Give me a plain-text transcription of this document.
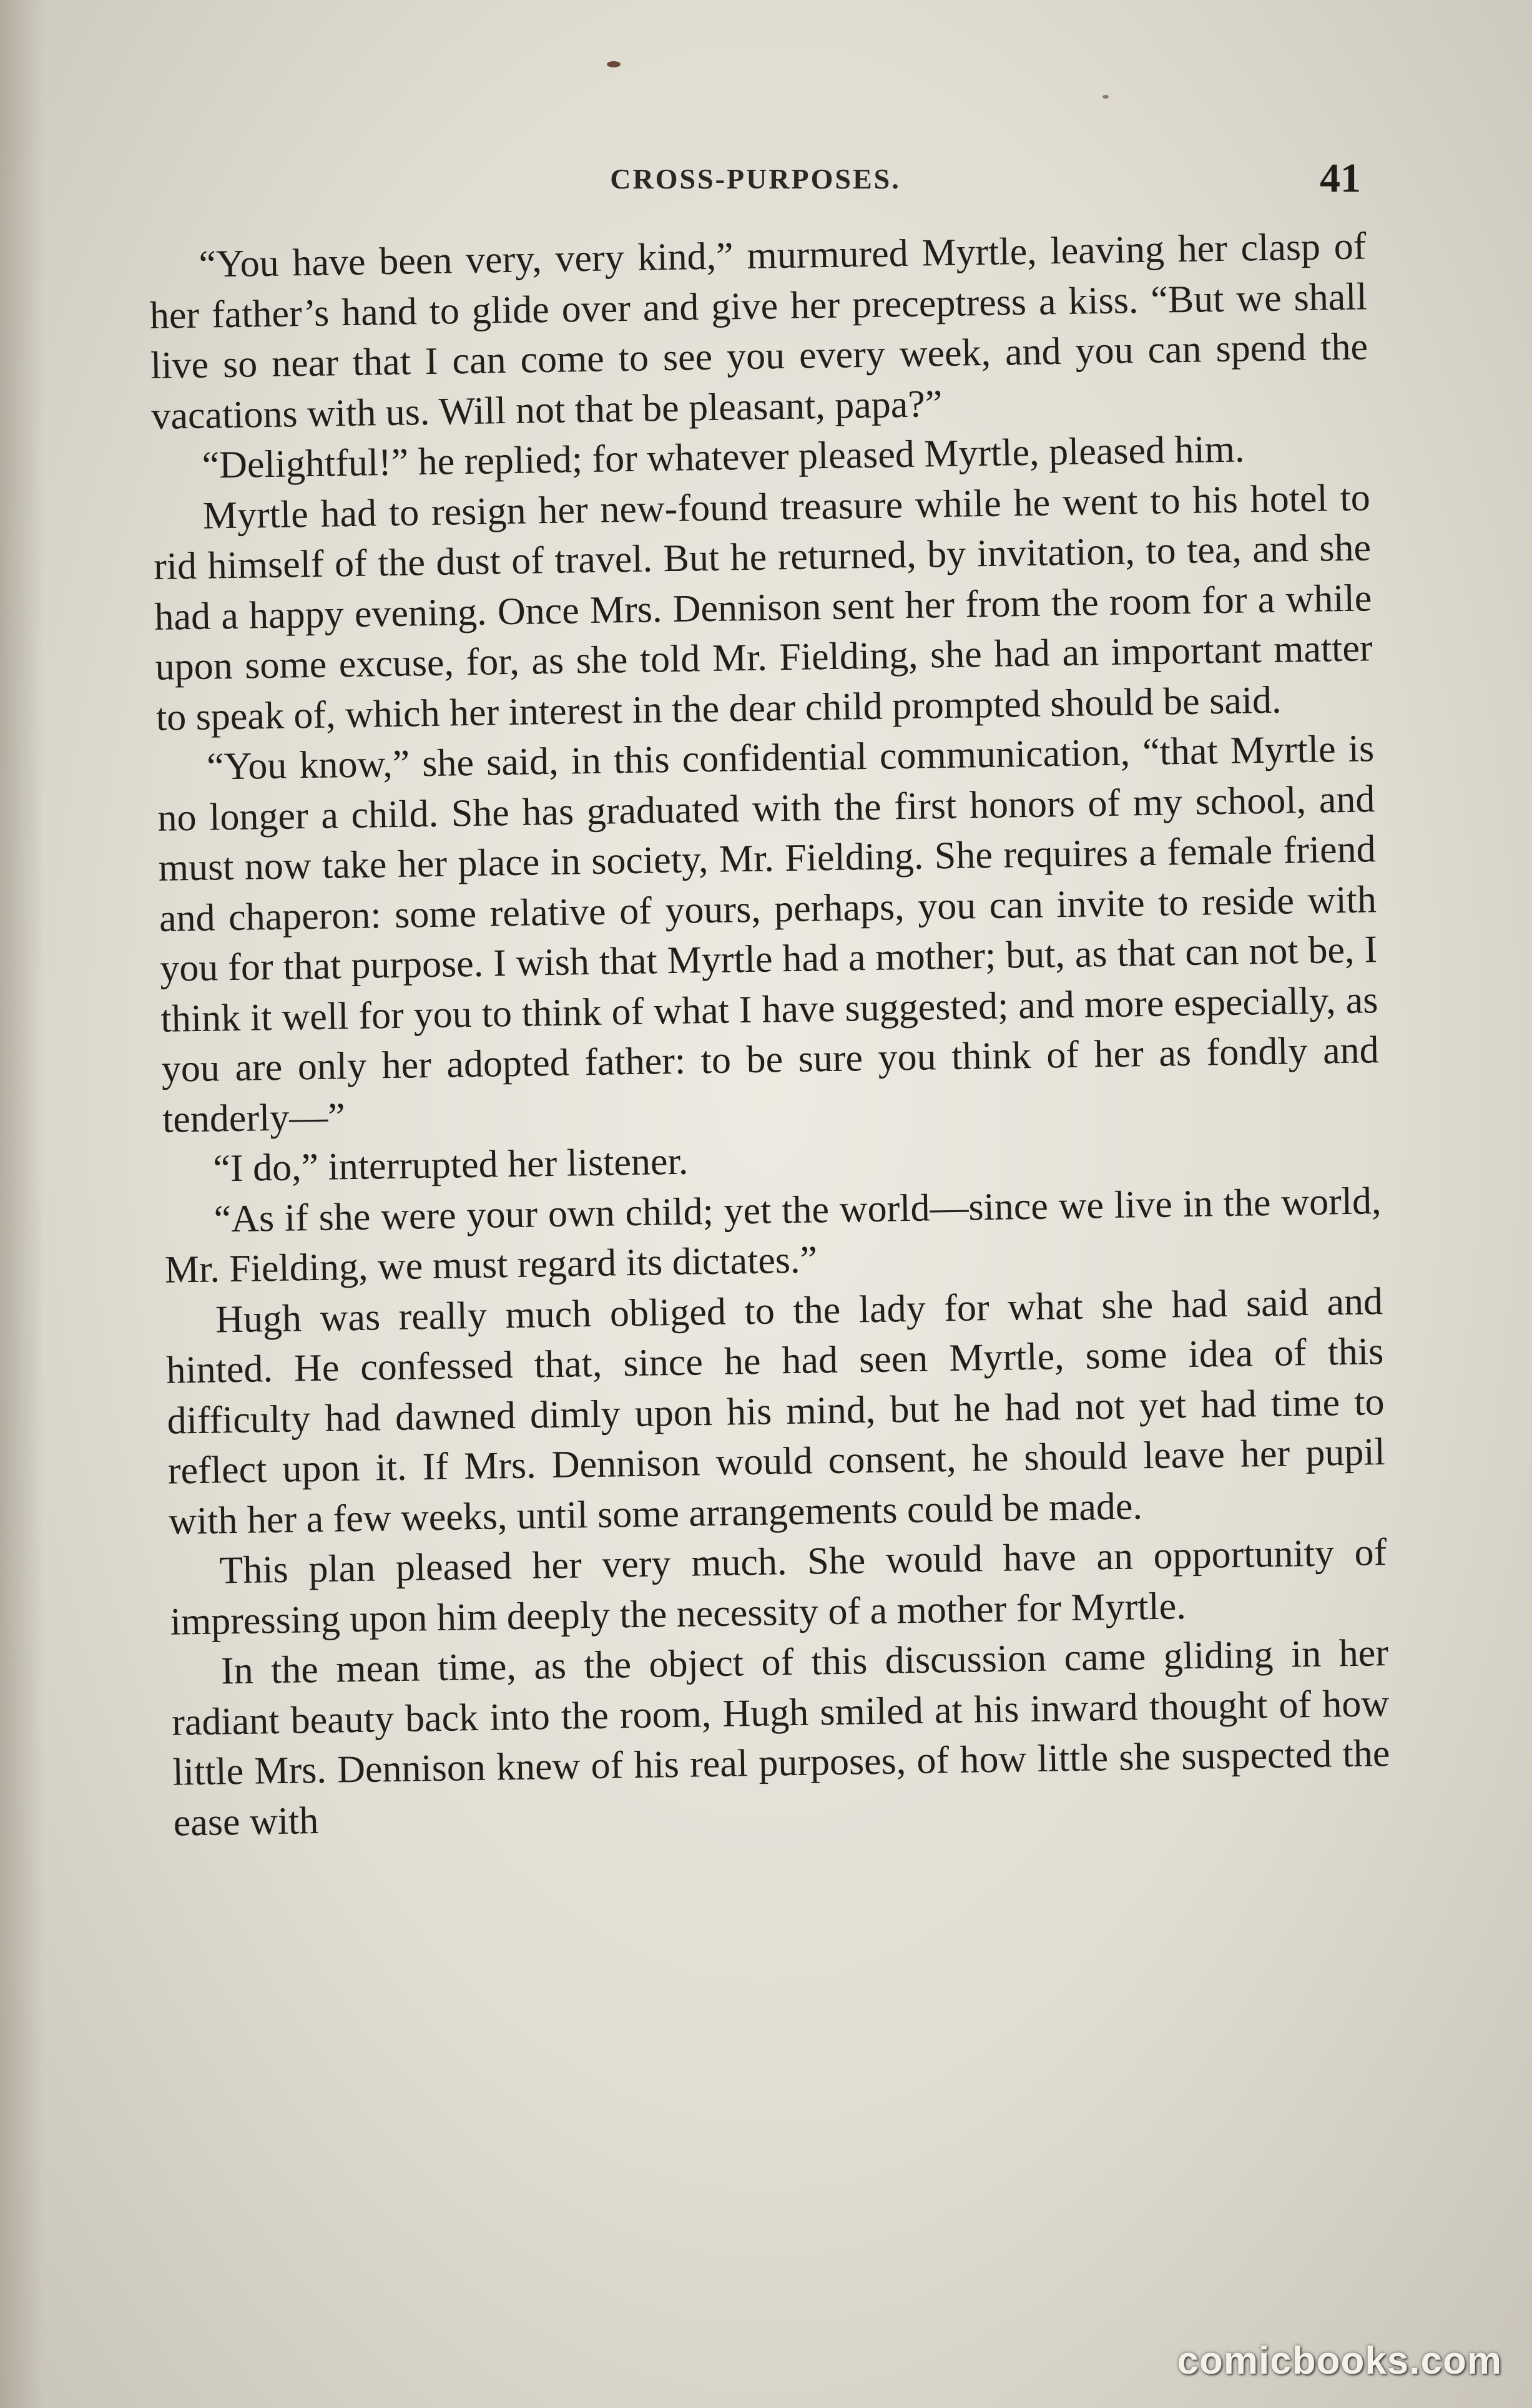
CROSS-PURPOSES.	41

“You have been very, very kind,” murmured Myrtle, leaving her clasp of her father’s hand to glide over and give her preceptress a kiss. “But we shall live so near that I can come to see you every week, and you can spend the vacations with us. Will not that be pleasant, papa?”

“Delightful!” he replied; for whatever pleased Myrtle, pleased him.

Myrtle had to resign her new-found treasure while he went to his hotel to rid himself of the dust of travel. But he returned, by invitation, to tea, and she had a happy evening. Once Mrs. Dennison sent her from the room for a while upon some excuse, for, as she told Mr. Fielding, she had an important matter to speak of, which her interest in the dear child prompted should be said.

“You know,” she said, in this confidential communication, “that Myrtle is no longer a child. She has graduated with the first honors of my school, and must now take her place in society, Mr. Fielding. She requires a female friend and chaperon: some relative of yours, perhaps, you can invite to reside with you for that purpose. I wish that Myrtle had a mother; but, as that can not be, I think it well for you to think of what I have suggested; and more especially, as you are only her adopted father: to be sure you think of her as fondly and tenderly—”

“I do,” interrupted her listener.

“As if she were your own child; yet the world—since we live in the world, Mr. Fielding, we must regard its dictates.”

Hugh was really much obliged to the lady for what she had said and hinted. He confessed that, since he had seen Myrtle, some idea of this difficulty had dawned dimly upon his mind, but he had not yet had time to reflect upon it. If Mrs. Dennison would consent, he should leave her pupil with her a few weeks, until some arrangements could be made.

This plan pleased her very much. She would have an opportunity of impressing upon him deeply the necessity of a mother for Myrtle.

In the mean time, as the object of this discussion came gliding in her radiant beauty back into the room, Hugh smiled at his inward thought of how little Mrs. Dennison knew of his real purposes, of how little she suspected the ease with

comicbooks.com
